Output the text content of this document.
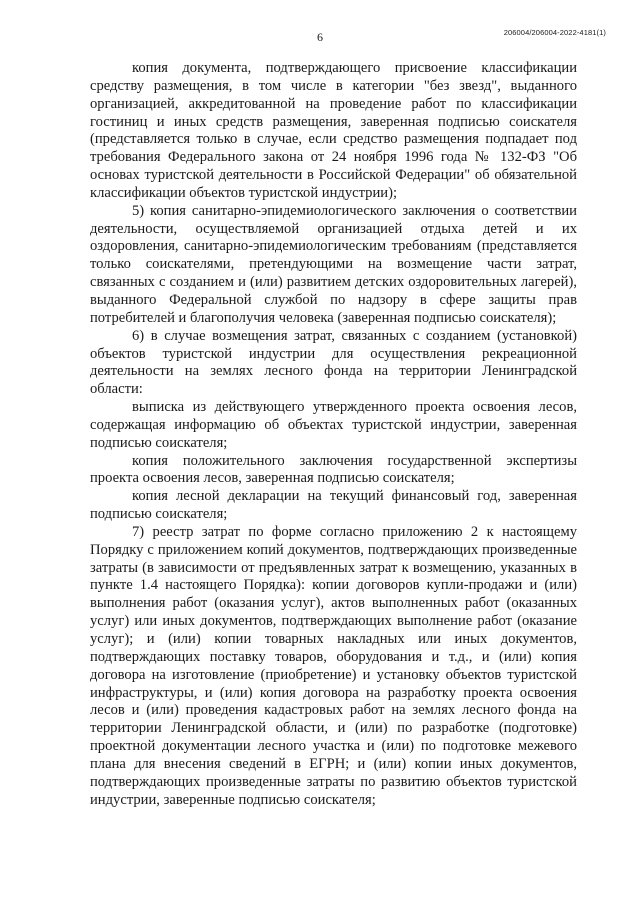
6	206004/206004-2022-4181(1)

копия документа, подтверждающего присвоение классификации средству размещения, в том числе в категории "без звезд", выданного организацией, аккредитованной на проведение работ по классификации гостиниц и иных средств размещения, заверенная подписью соискателя (представляется только в случае, если средство размещения подпадает под требования Федерального закона от 24 ноября 1996 года № 132-ФЗ "Об основах туристской деятельности в Российской Федерации" об обязательной классификации объектов туристской индустрии);

5) копия санитарно-эпидемиологического заключения о соответствии деятельности, осуществляемой организацией отдыха детей и их оздоровления, санитарно-эпидемиологическим требованиям (представляется только соискателями, претендующими на возмещение части затрат, связанных с созданием и (или) развитием детских оздоровительных лагерей), выданного Федеральной службой по надзору в сфере защиты прав потребителей и благополучия человека (заверенная подписью соискателя);

6) в случае возмещения затрат, связанных с созданием (установкой) объектов туристской индустрии для осуществления рекреационной деятельности на землях лесного фонда на территории Ленинградской области:

выписка из действующего утвержденного проекта освоения лесов, содержащая информацию об объектах туристской индустрии, заверенная подписью соискателя;

копия положительного заключения государственной экспертизы проекта освоения лесов, заверенная подписью соискателя;

копия лесной декларации на текущий финансовый год, заверенная подписью соискателя;

7) реестр затрат по форме согласно приложению 2 к настоящему Порядку с приложением копий документов, подтверждающих произведенные затраты (в зависимости от предъявленных затрат к возмещению, указанных в пункте 1.4 настоящего Порядка): копии договоров купли-продажи и (или) выполнения работ (оказания услуг), актов выполненных работ (оказанных услуг) или иных документов, подтверждающих выполнение работ (оказание услуг); и (или) копии товарных накладных или иных документов, подтверждающих поставку товаров, оборудования и т.д., и (или) копия договора на изготовление (приобретение) и установку объектов туристской инфраструктуры, и (или) копия договора на разработку проекта освоения лесов и (или) проведения кадастровых работ на землях лесного фонда на территории Ленинградской области, и (или) по разработке (подготовке) проектной документации лесного участка и (или) по подготовке межевого плана для внесения сведений в ЕГРН; и (или) копии иных документов, подтверждающих произведенные затраты по развитию объектов туристской индустрии, заверенные подписью соискателя;
